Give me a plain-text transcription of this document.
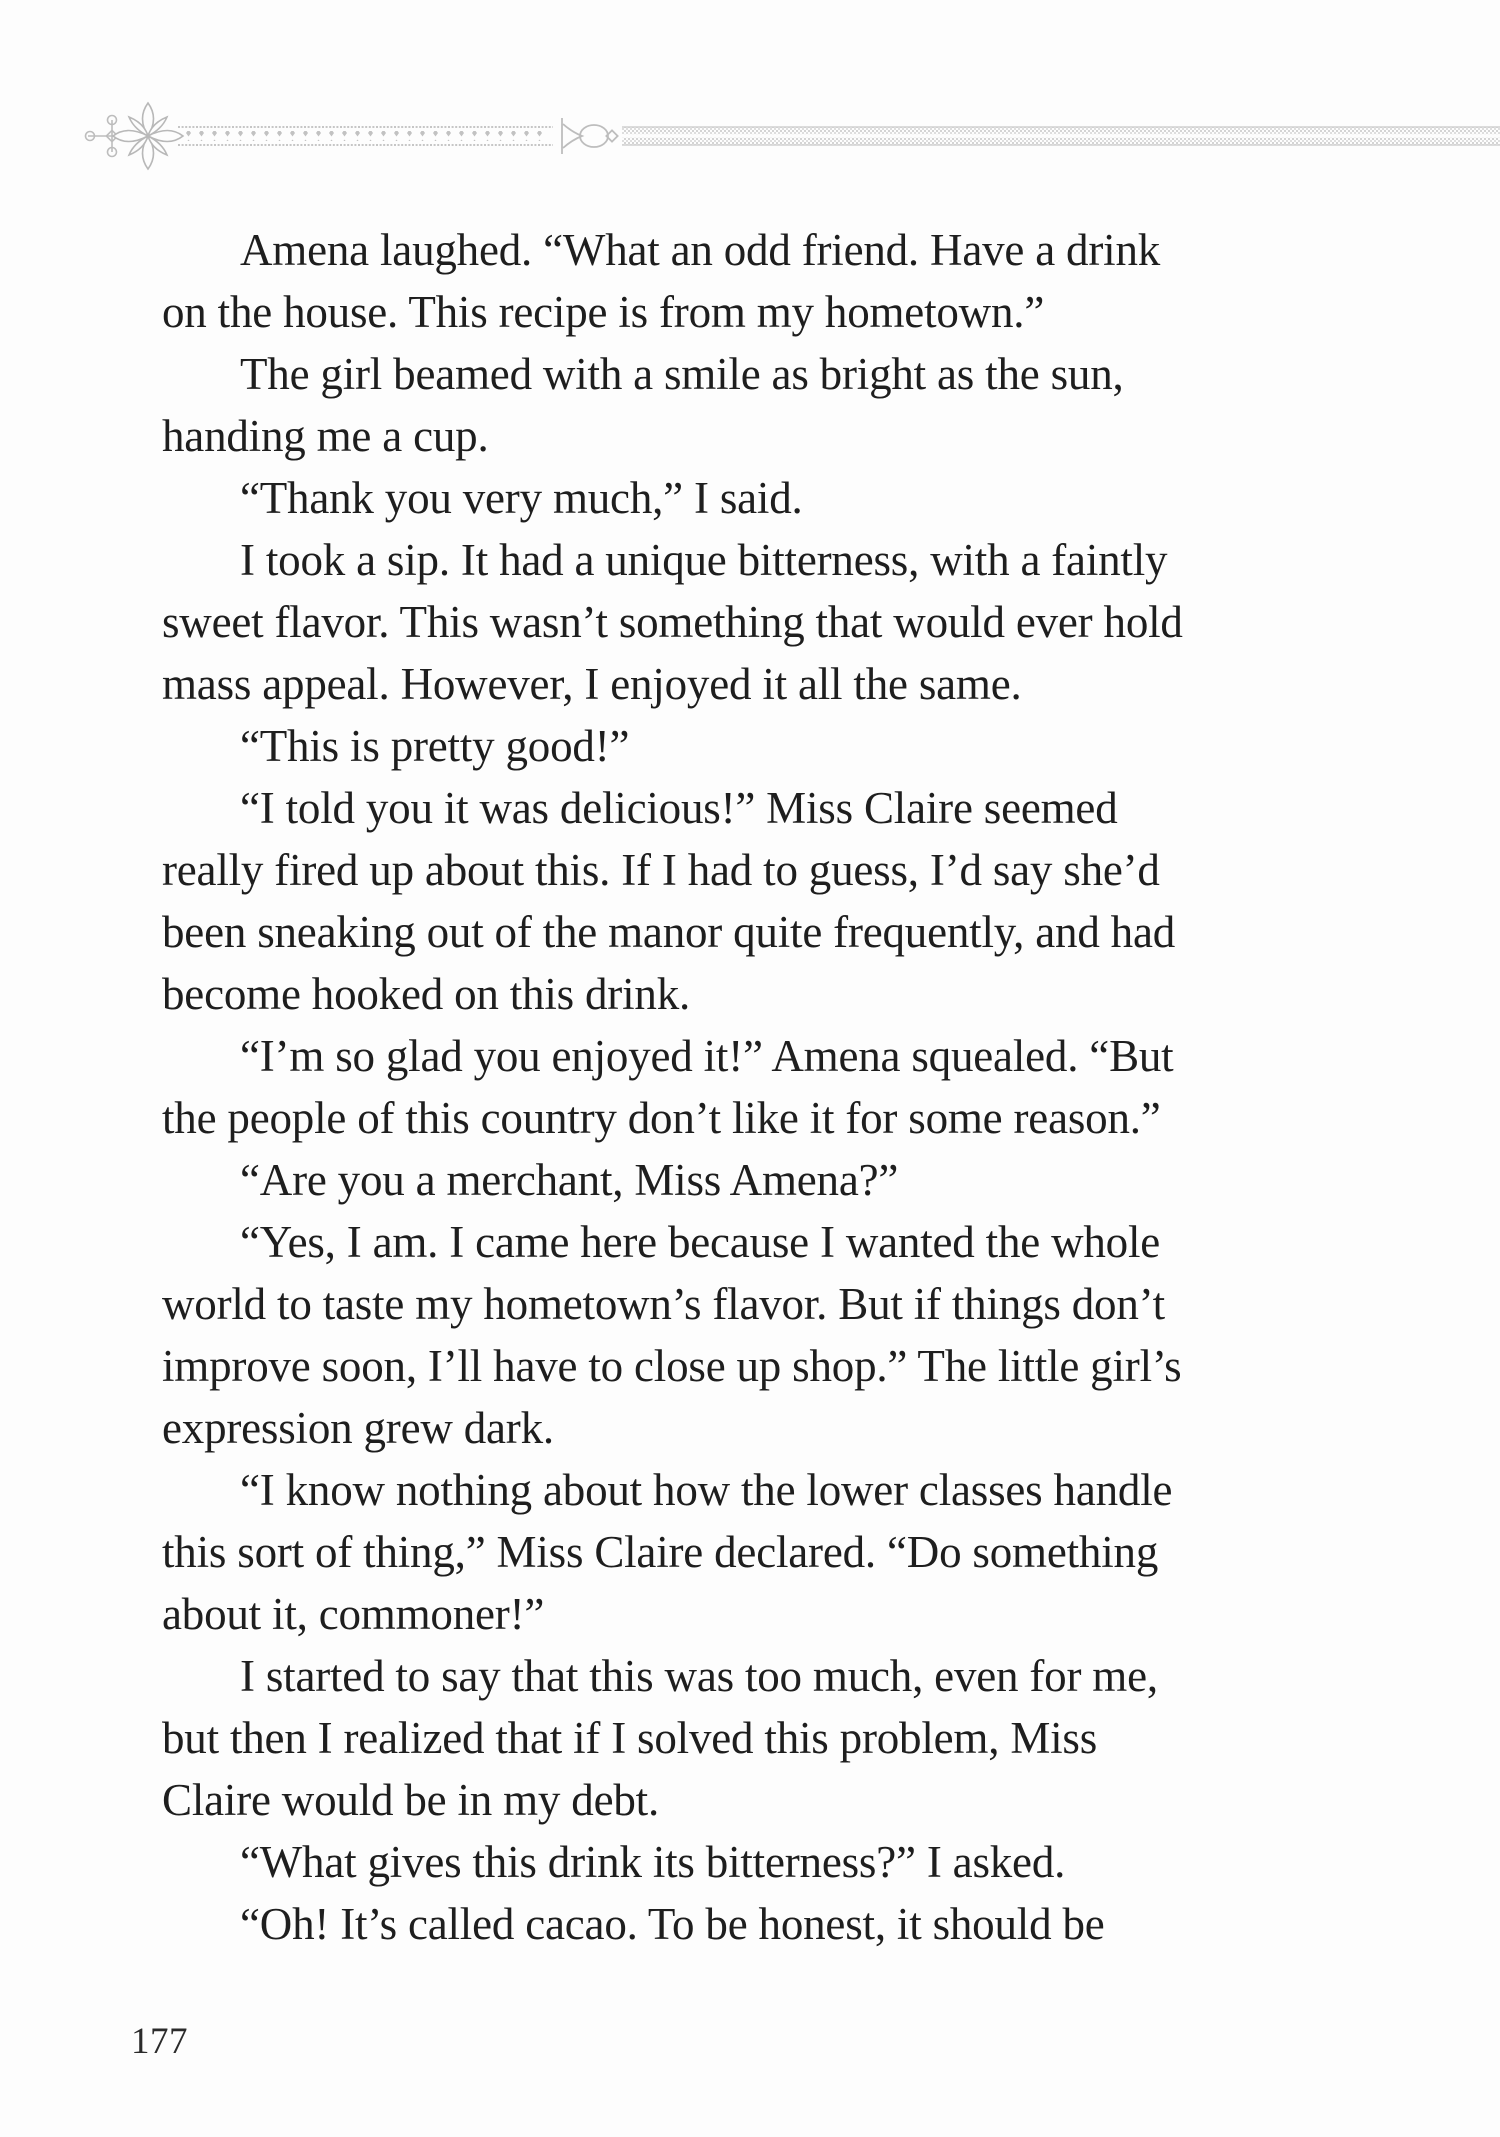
Amena laughed. “What an odd friend. Have a drink
on the house. This recipe is from my hometown.”
The girl beamed with a smile as bright as the sun,
handing me a cup.
“Thank you very much,” I said.
I took a sip. It had a unique bitterness, with a faintly
sweet flavor. This wasn’t something that would ever hold
mass appeal. However, I enjoyed it all the same.
“This is pretty good!”
“I told you it was delicious!” Miss Claire seemed
really fired up about this. If I had to guess, I’d say she’d
been sneaking out of the manor quite frequently, and had
become hooked on this drink.
“I’m so glad you enjoyed it!” Amena squealed. “But
the people of this country don’t like it for some reason.”
“Are you a merchant, Miss Amena?”
“Yes, I am. I came here because I wanted the whole
world to taste my hometown’s flavor. But if things don’t
improve soon, I’ll have to close up shop.” The little girl’s
expression grew dark.
“I know nothing about how the lower classes handle
this sort of thing,” Miss Claire declared. “Do something
about it, commoner!”
I started to say that this was too much, even for me,
but then I realized that if I solved this problem, Miss
Claire would be in my debt.
“What gives this drink its bitterness?” I asked.
“Oh! It’s called cacao. To be honest, it should be
177
